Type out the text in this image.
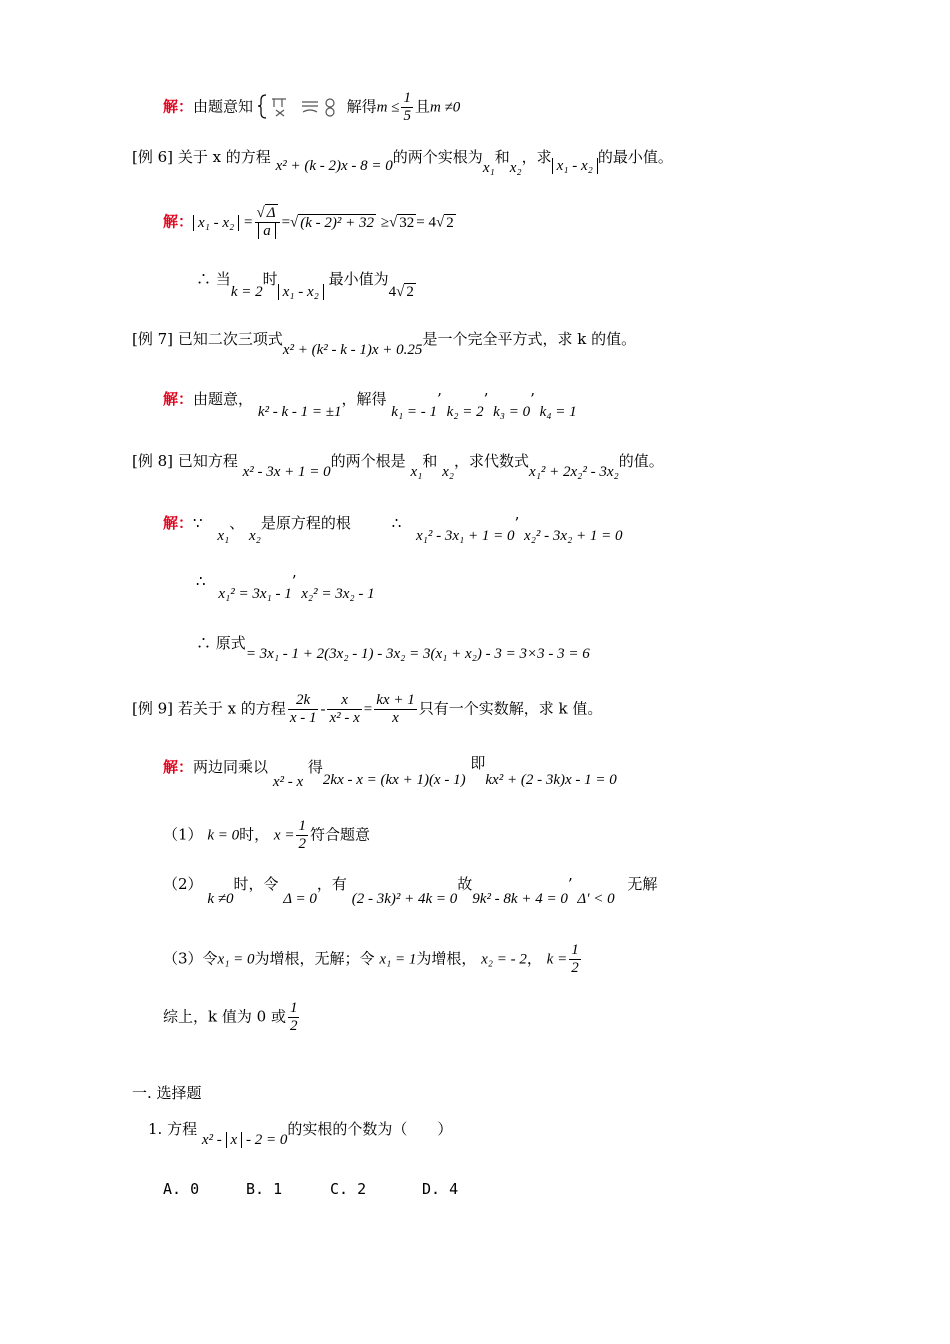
解：由题意知	解得$m \le \frac{1}{5}$ 且m ≠0
[例 6] 关于 x 的方程 x² + (k - 2)x - 8 = 0的两个实根为x₁和x₂，求 x₁ - x₂ 的最小值。
解： $x_1 - x_2 = \frac{√ \Delta}{a}$ =√ (k - 2)² + 32 ≥√ 32 = 4√ 2
∴ 当k = 2时x₁ - x₂ 最小值为4√ 2
[例 7] 已知二次三项式x² + (k² - k - 1)x + 0.25是一个完全平方式，求 k 的值。
解：由题意， k² - k - 1 = ±1，解得 k₁ = - 1’ k₂ = 2’ k₃ = 0’ k₄ = 1
[例 8] 已知方程 x² - 3x + 1 = 0的两个根是 x₁和 x₂，求代数式x₁² + 2x₂² - 3x₂的值。
解：∵ x₁、 x₂是原方程的根	∴ x₁² - 3x₁ + 1 = 0’ x₂² - 3x₂ + 1 = 0
∴ x₁² = 3x₁ - 1’ x₂² = 3x₂ - 1
∴ 原式= 3x₁ - 1 + 2(3x₂ - 1) - 3x₂ = 3(x₁ + x₂) - 3 = 3×3 - 3 = 6
[例 9] 若关于 x 的方程 $\frac{2k}{x - 1} - \frac{x}{\text{x² - x}} = \frac{kx + 1}{x}$ 只有一个实数解，求 k 值。
解：两边同乘以 x² - x 得2kx - x = (kx + 1)(x - 1) 即kx² + (2 - 3k)x - 1 = 0
（1） k = 0时， $x = \frac{1}{2}$ 符合题意
（2） k ≠0时，令 Δ = 0，有 (2 - 3k)² + 4k = 0故9k² - 8k + 4 = 0’ Δ′ < 0 无解
（3）令x₁ = 0为增根，无解；令 x₁ = 1为增根， x₂ = - 2， $k = \frac{1}{2}$
综上，k 值为 0 或 $\frac{1}{2}$
一. 选择题
1. 方程 x² - x - 2 = 0的实根的个数为（　　）
A. 0	B. 1	C. 2	D. 4
